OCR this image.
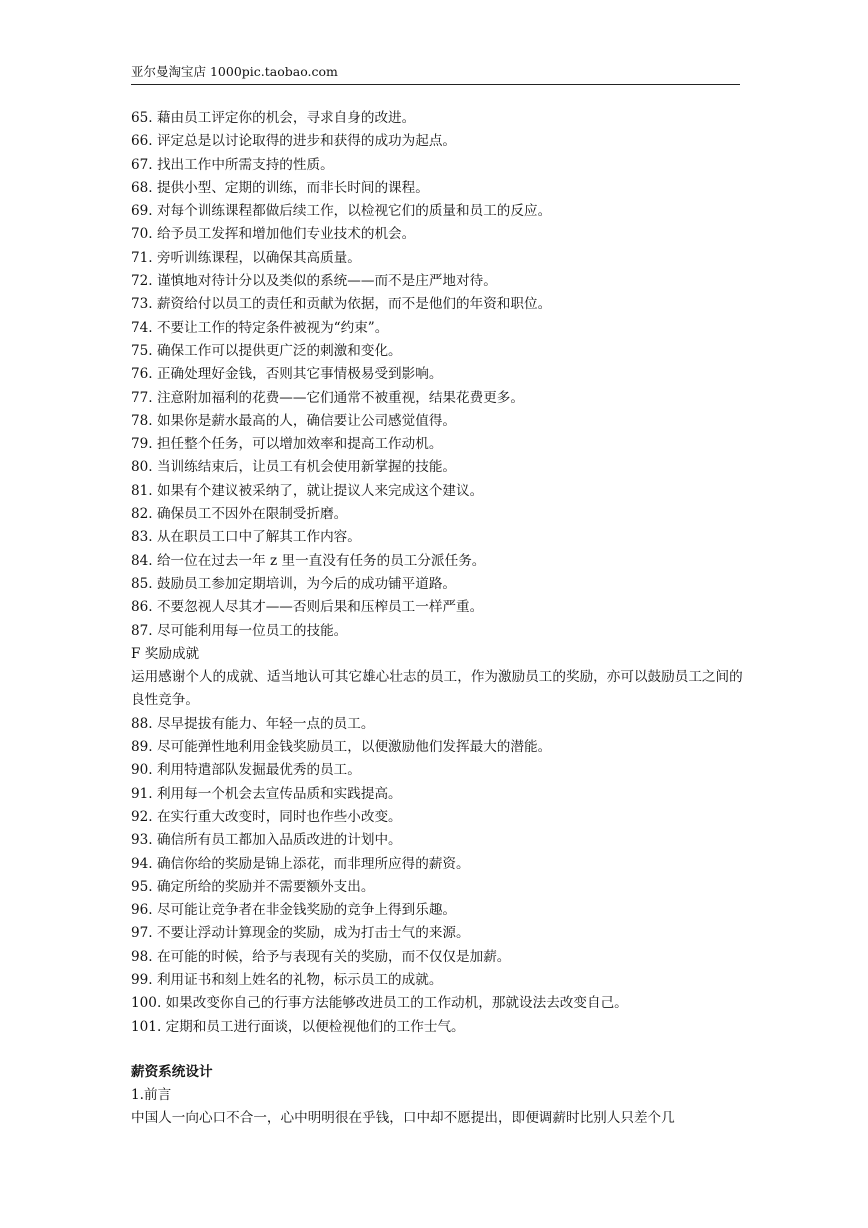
亚尔曼淘宝店 1000pic.taobao.com
65. 藉由员工评定你的机会，寻求自身的改进。
66. 评定总是以讨论取得的进步和获得的成功为起点。
67. 找出工作中所需支持的性质。
68. 提供小型、定期的训练，而非长时间的课程。
69. 对每个训练课程都做后续工作，以检视它们的质量和员工的反应。
70. 给予员工发挥和增加他们专业技术的机会。
71. 旁听训练课程，以确保其高质量。
72. 谨慎地对待计分以及类似的系统——而不是庄严地对待。
73. 薪资给付以员工的责任和贡献为依据，而不是他们的年资和职位。
74. 不要让工作的特定条件被视为“约束”。
75. 确保工作可以提供更广泛的刺激和变化。
76. 正确处理好金钱，否则其它事情极易受到影响。
77. 注意附加福利的花费——它们通常不被重视，结果花费更多。
78. 如果你是薪水最高的人，确信要让公司感觉值得。
79. 担任整个任务，可以增加效率和提高工作动机。
80. 当训练结束后，让员工有机会使用新掌握的技能。
81. 如果有个建议被采纳了，就让提议人来完成这个建议。
82. 确保员工不因外在限制受折磨。
83. 从在职员工口中了解其工作内容。
84. 给一位在过去一年 z 里一直没有任务的员工分派任务。
85. 鼓励员工参加定期培训，为今后的成功铺平道路。
86. 不要忽视人尽其才——否则后果和压榨员工一样严重。
87. 尽可能利用每一位员工的技能。
F 奖励成就
运用感谢个人的成就、适当地认可其它雄心壮志的员工，作为激励员工的奖励，亦可以鼓励员工之间的良性竞争。
88. 尽早提拔有能力、年轻一点的员工。
89. 尽可能弹性地利用金钱奖励员工，以便激励他们发挥最大的潜能。
90. 利用特遣部队发掘最优秀的员工。
91. 利用每一个机会去宣传品质和实践提高。
92. 在实行重大改变时，同时也作些小改变。
93. 确信所有员工都加入品质改进的计划中。
94. 确信你给的奖励是锦上添花，而非理所应得的薪资。
95. 确定所给的奖励并不需要额外支出。
96. 尽可能让竞争者在非金钱奖励的竞争上得到乐趣。
97. 不要让浮动计算现金的奖励，成为打击士气的来源。
98. 在可能的时候，给予与表现有关的奖励，而不仅仅是加薪。
99. 利用证书和刻上姓名的礼物，标示员工的成就。
100. 如果改变你自己的行事方法能够改进员工的工作动机，那就设法去改变自己。
101. 定期和员工进行面谈，以便检视他们的工作士气。
薪资系统设计
1.前言
中国人一向心口不合一，心中明明很在乎钱，口中却不愿提出，即便调薪时比别人只差个几
